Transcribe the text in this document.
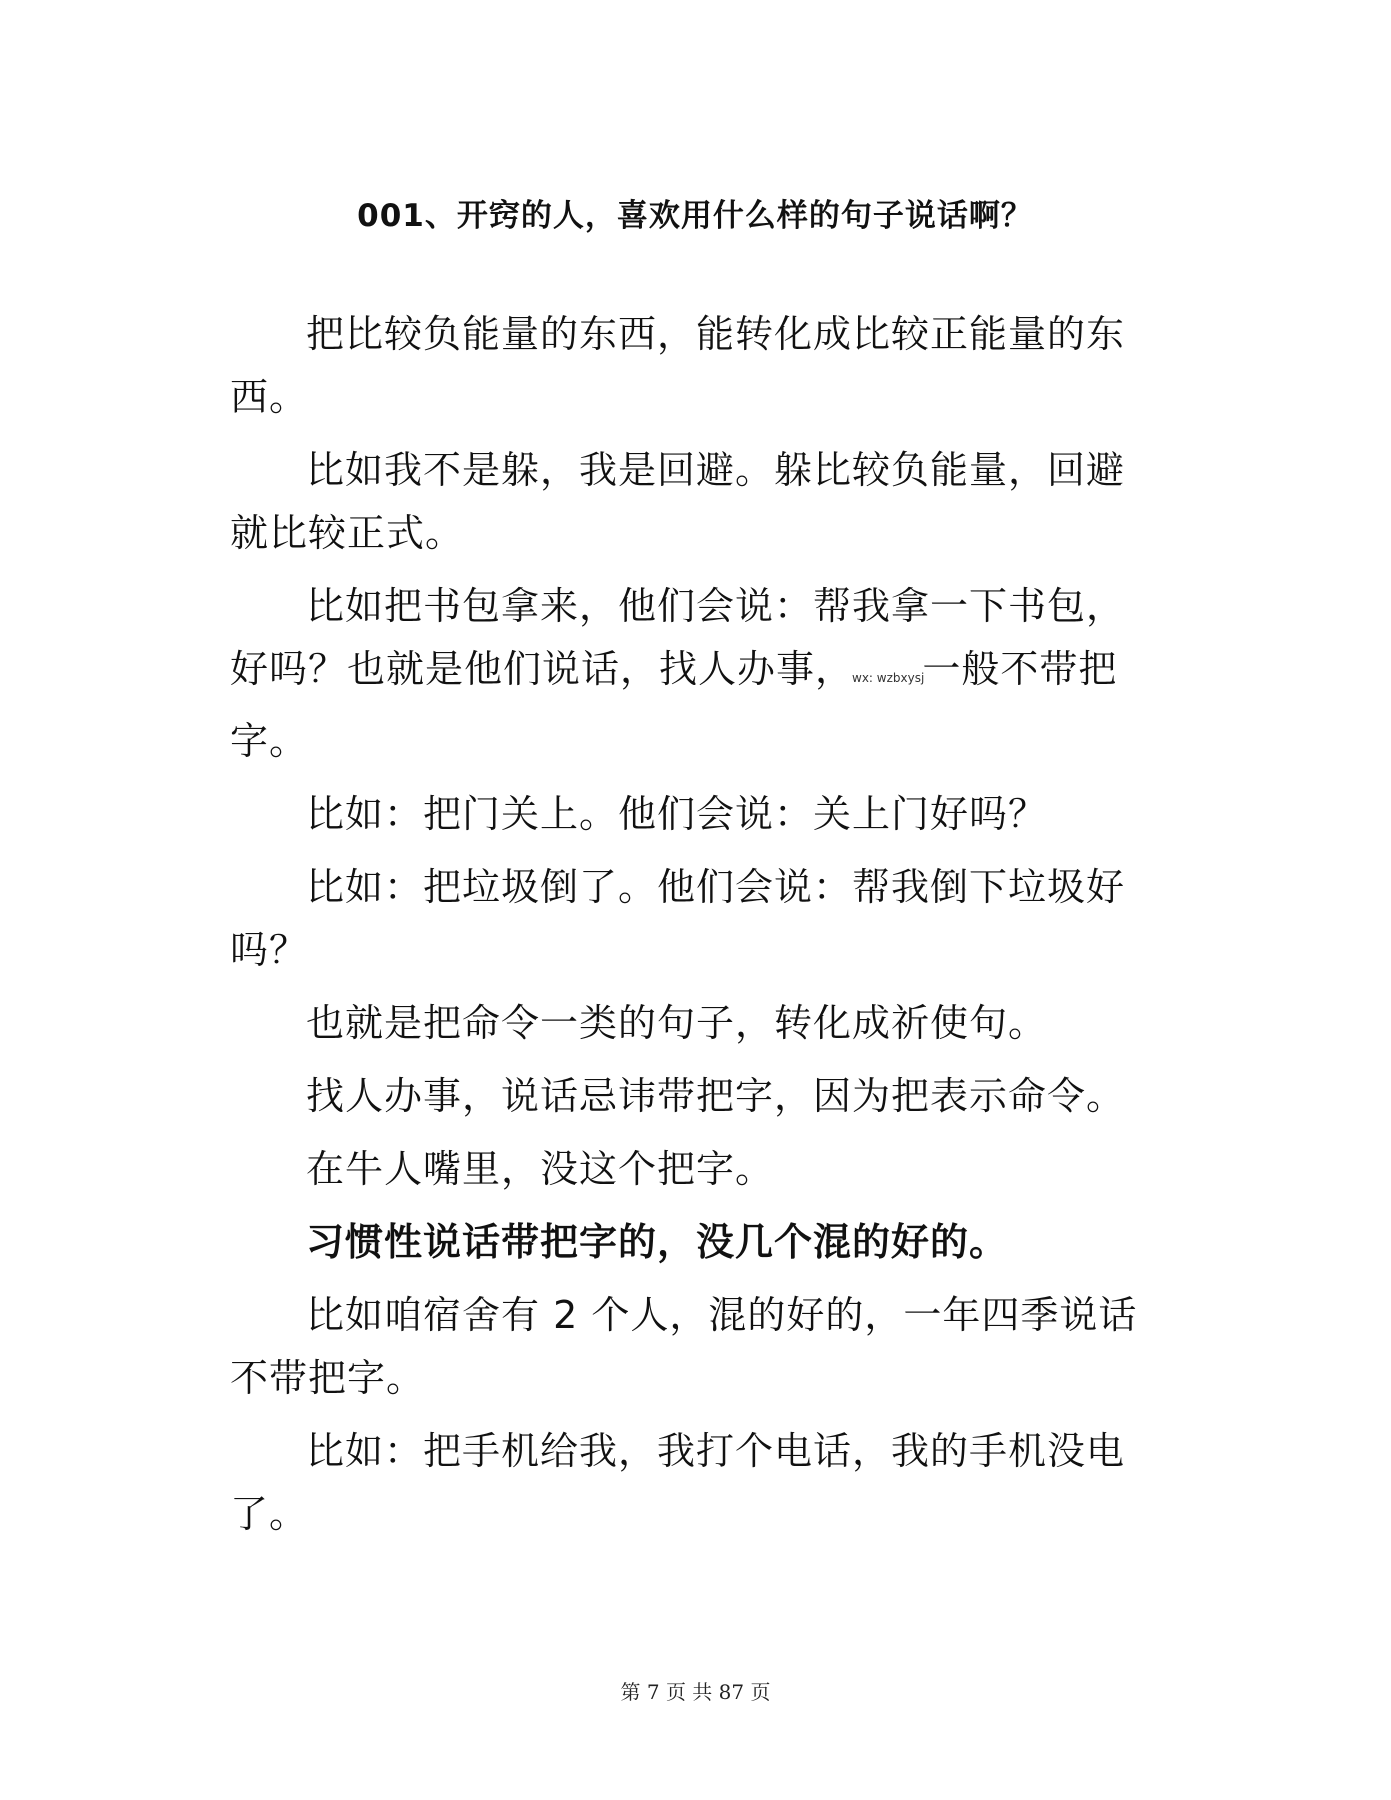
001、开窍的人，喜欢用什么样的句子说话啊？

把比较负能量的东西，能转化成比较正能量的东西。

比如我不是躲，我是回避。躲比较负能量，回避就比较正式。

比如把书包拿来，他们会说：帮我拿一下书包，好吗？也就是他们说话，找人办事，wx: wzbxysj一般不带把字。

比如：把门关上。他们会说：关上门好吗？

比如：把垃圾倒了。他们会说：帮我倒下垃圾好吗？

也就是把命令一类的句子，转化成祈使句。

找人办事，说话忌讳带把字，因为把表示命令。

在牛人嘴里，没这个把字。

习惯性说话带把字的，没几个混的好的。

比如咱宿舍有 2 个人，混的好的，一年四季说话不带把字。

比如：把手机给我，我打个电话，我的手机没电了。

第 7 页 共 87 页
